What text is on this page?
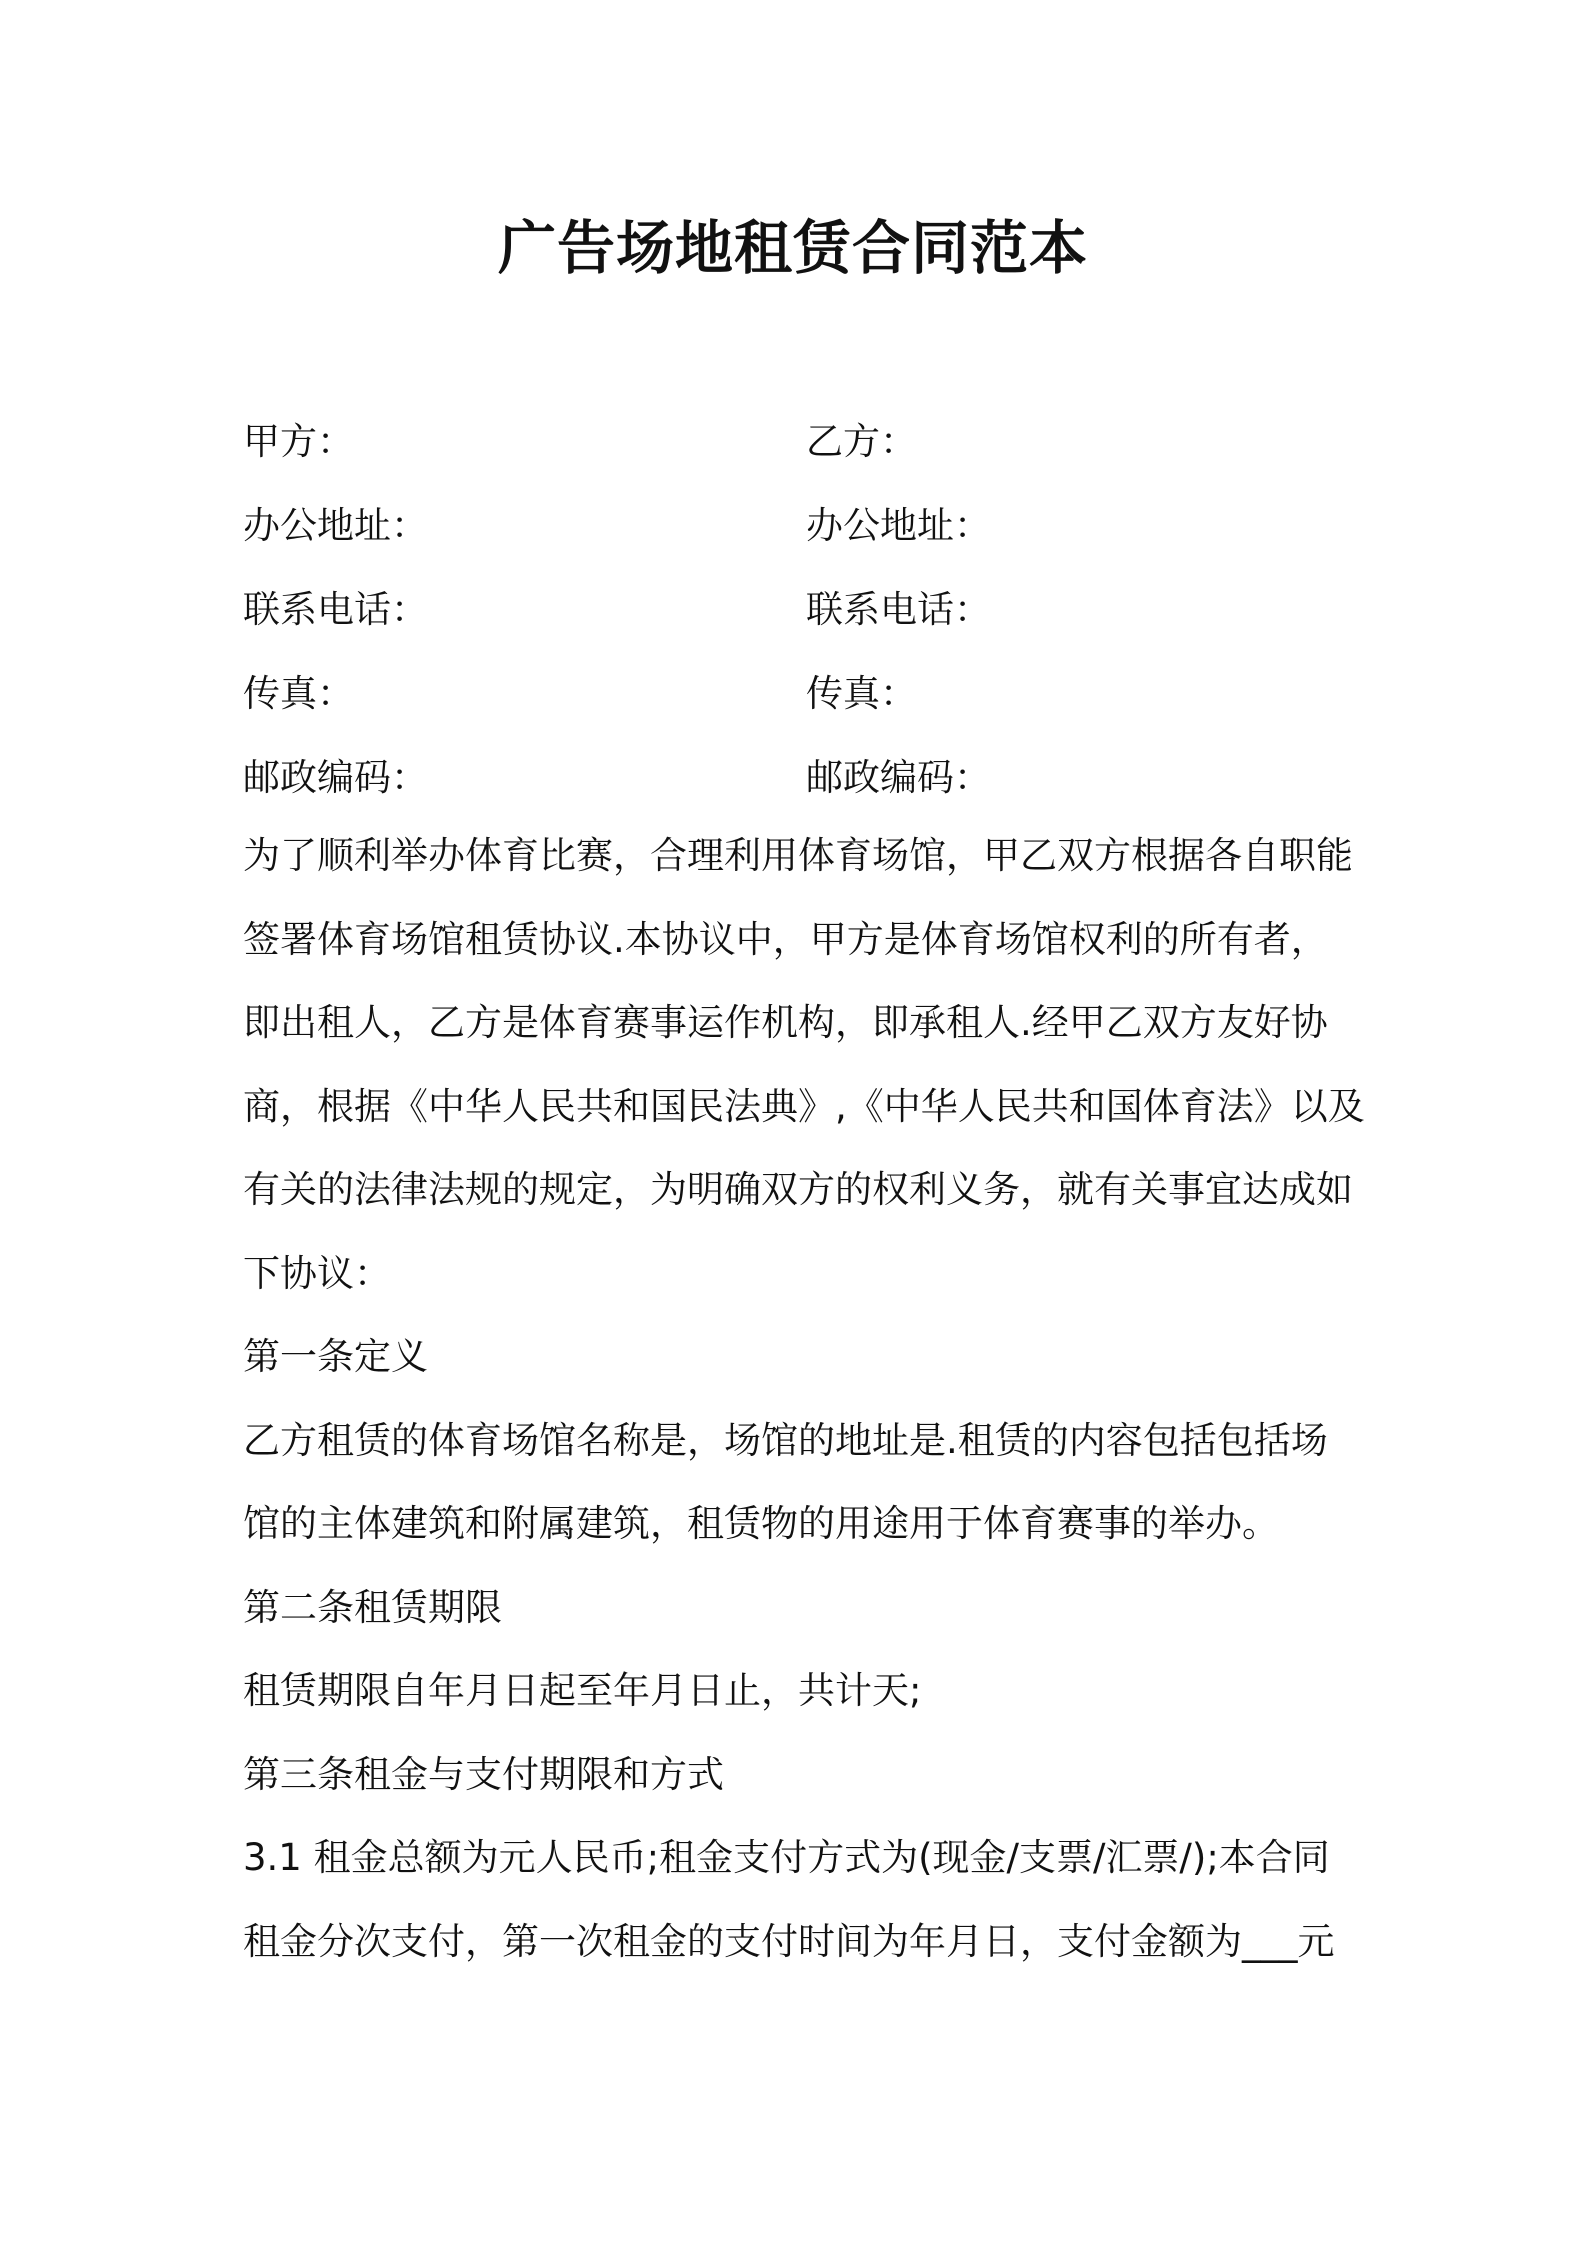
广告场地租赁合同范本
甲方：	乙方：
办公地址：	办公地址：
联系电话：	联系电话：
传真：	传真：
邮政编码：	邮政编码：
为了顺利举办体育比赛，合理利用体育场馆，甲乙双方根据各自职能
签署体育场馆租赁协议.本协议中，甲方是体育场馆权利的所有者，
即出租人，乙方是体育赛事运作机构，即承租人.经甲乙双方友好协
商，根据《中华人民共和国民法典》,《中华人民共和国体育法》以及
有关的法律法规的规定，为明确双方的权利义务，就有关事宜达成如
下协议：
第一条定义
乙方租赁的体育场馆名称是，场馆的地址是.租赁的内容包括包括场
馆的主体建筑和附属建筑，租赁物的用途用于体育赛事的举办。
第二条租赁期限
租赁期限自年月日起至年月日止，共计天;
第三条租金与支付期限和方式
3.1 租金总额为元人民币;租金支付方式为(现金/支票/汇票/);本合同
租金分次支付，第一次租金的支付时间为年月日，支付金额为___元
